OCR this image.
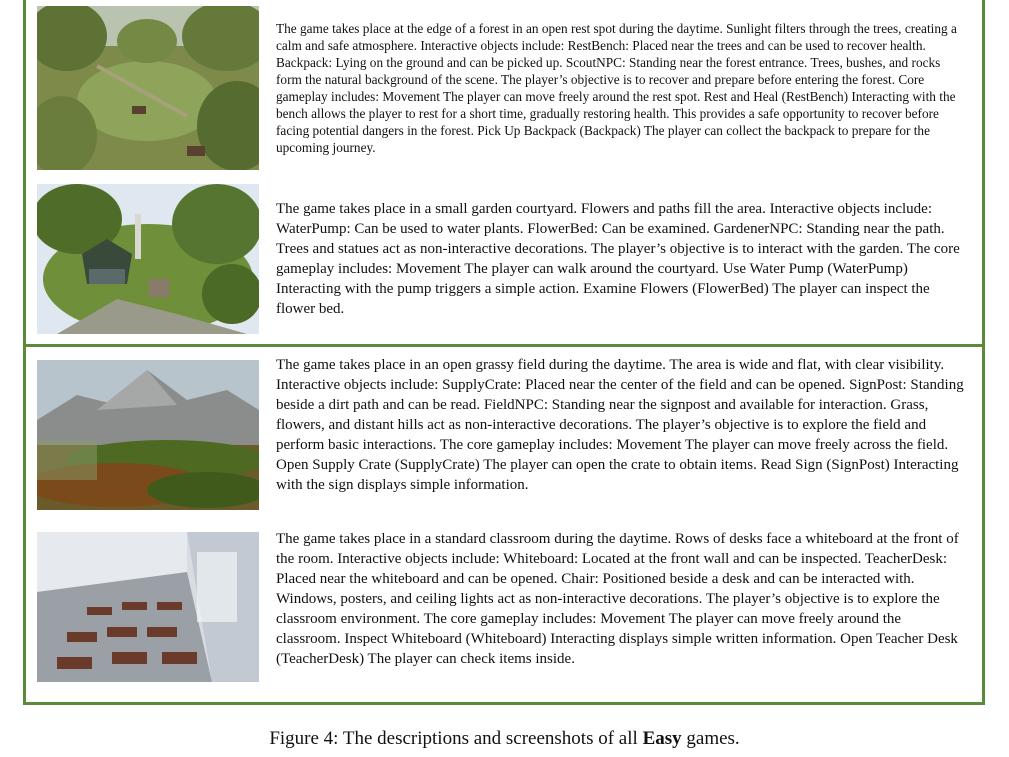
The game takes place at the edge of a forest in an open rest spot during the daytime. Sunlight filters through the trees, creating a calm and safe atmosphere. Interactive objects include: RestBench: Placed near the trees and can be used to recover health. Backpack: Lying on the ground and can be picked up. ScoutNPC: Standing near the forest entrance. Trees, bushes, and rocks form the natural background of the scene. The player’s objective is to recover and prepare before entering the forest. Core gameplay includes: Movement The player can move freely around the rest spot. Rest and Heal (RestBench) Interacting with the bench allows the player to rest for a short time, gradually restoring health. This provides a safe opportunity to recover before facing potential dangers in the forest. Pick Up Backpack (Backpack) The player can collect the backpack to prepare for the upcoming journey.

The game takes place in a small garden courtyard. Flowers and paths fill the area. Interactive objects include: WaterPump: Can be used to water plants. FlowerBed: Can be examined. GardenerNPC: Standing near the path. Trees and statues act as non-interactive decorations. The player’s objective is to interact with the garden. The core gameplay includes: Movement The player can walk around the courtyard. Use Water Pump (WaterPump) Interacting with the pump triggers a simple action. Examine Flowers (FlowerBed) The player can inspect the flower bed.

The game takes place in an open grassy field during the daytime. The area is wide and flat, with clear visibility. Interactive objects include: SupplyCrate: Placed near the center of the field and can be opened. SignPost: Standing beside a dirt path and can be read. FieldNPC: Standing near the signpost and available for interaction. Grass, flowers, and distant hills act as non-interactive decorations. The player’s objective is to explore the field and perform basic interactions. The core gameplay includes: Movement The player can move freely across the field. Open Supply Crate (SupplyCrate) The player can open the crate to obtain items. Read Sign (SignPost) Interacting with the sign displays simple information.

The game takes place in a standard classroom during the daytime. Rows of desks face a whiteboard at the front of the room. Interactive objects include: Whiteboard: Located at the front wall and can be inspected. TeacherDesk: Placed near the whiteboard and can be opened. Chair: Positioned beside a desk and can be interacted with. Windows, posters, and ceiling lights act as non-interactive decorations. The player’s objective is to explore the classroom environment. The core gameplay includes: Movement The player can move freely around the classroom. Inspect Whiteboard (Whiteboard) Interacting displays simple written information. Open Teacher Desk (TeacherDesk) The player can check items inside.

Figure 4: The descriptions and screenshots of all Easy games.
